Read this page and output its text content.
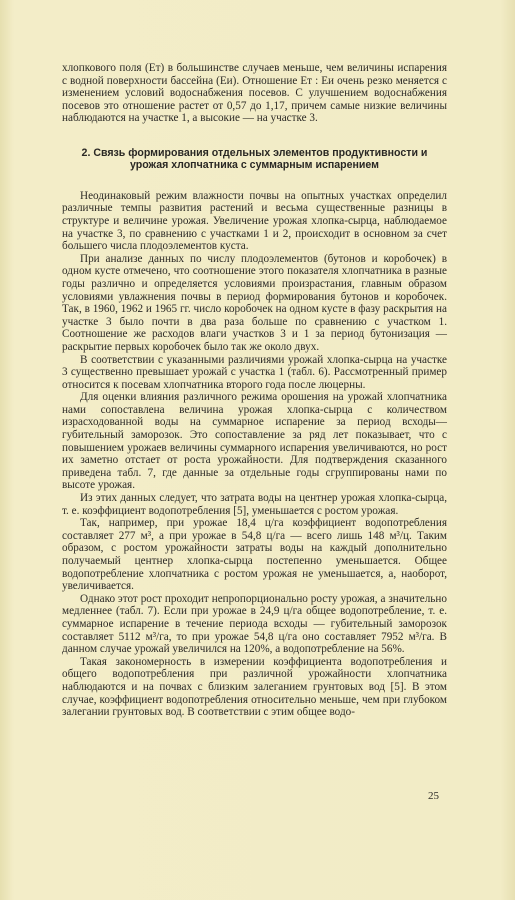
хлопкового поля (Eт) в большинстве случаев меньше, чем величины испарения с водной поверхности бассейна (Eи). Отношение Eт : Eи очень резко меняется с изменением условий водоснабжения посевов. С улучшением водоснабжения посевов это отношение растет от 0,57 до 1,17, причем самые низкие величины наблюдаются на участке 1, а высокие — на участке 3.

2. Связь формирования отдельных элементов продуктивности и урожая хлопчатника с суммарным испарением

Неодинаковый режим влажности почвы на опытных участках определил различные темпы развития растений и весьма существенные разницы в структуре и величине урожая. Увеличение урожая хлопка-сырца, наблюдаемое на участке 3, по сравнению с участками 1 и 2, происходит в основном за счет большего числа плодоэлементов куста.

При анализе данных по числу плодоэлементов (бутонов и коробочек) в одном кусте отмечено, что соотношение этого показателя хлопчатника в разные годы различно и определяется условиями произрастания, главным образом условиями увлажнения почвы в период формирования бутонов и коробочек. Так, в 1960, 1962 и 1965 гг. число коробочек на одном кусте в фазу раскрытия на участке 3 было почти в два раза больше по сравнению с участком 1. Соотношение же расходов влаги участков 3 и 1 за период бутонизация — раскрытие первых коробочек было так же около двух.

В соответствии с указанными различиями урожай хлопка-сырца на участке 3 существенно превышает урожай с участка 1 (табл. 6). Рассмотренный пример относится к посевам хлопчатника второго года после люцерны.

Для оценки влияния различного режима орошения на урожай хлопчатника нами сопоставлена величина урожая хлопка-сырца с количеством израсходованной воды на суммарное испарение за период всходы—губительный заморозок. Это сопоставление за ряд лет показывает, что с повышением урожаев величины суммарного испарения увеличиваются, но рост их заметно отстает от роста урожайности. Для подтверждения сказанного приведена табл. 7, где данные за отдельные годы сгруппированы нами по высоте урожая.

Из этих данных следует, что затрата воды на центнер урожая хлопка-сырца, т. е. коэффициент водопотребления [5], уменьшается с ростом урожая.

Так, например, при урожае 18,4 ц/га коэффициент водопотребления составляет 277 м³, а при урожае в 54,8 ц/га — всего лишь 148 м³/ц. Таким образом, с ростом урожайности затраты воды на каждый дополнительно получаемый центнер хлопка-сырца постепенно уменьшается. Общее водопотребление хлопчатника с ростом урожая не уменьшается, а, наоборот, увеличивается.

Однако этот рост проходит непропорционально росту урожая, а значительно медленнее (табл. 7). Если при урожае в 24,9 ц/га общее водопотребление, т. е. суммарное испарение в течение периода всходы — губительный заморозок составляет 5112 м³/га, то при урожае 54,8 ц/га оно составляет 7952 м³/га. В данном случае урожай увеличился на 120%, а водопотребление на 56%.

Такая закономерность в измерении коэффициента водопотребления и общего водопотребления при различной урожайности хлопчатника наблюдаются и на почвах с близким залеганием грунтовых вод [5]. В этом случае, коэффициент водопотребления относительно меньше, чем при глубоком залегании грунтовых вод. В соответствии с этим общее водо-

25
